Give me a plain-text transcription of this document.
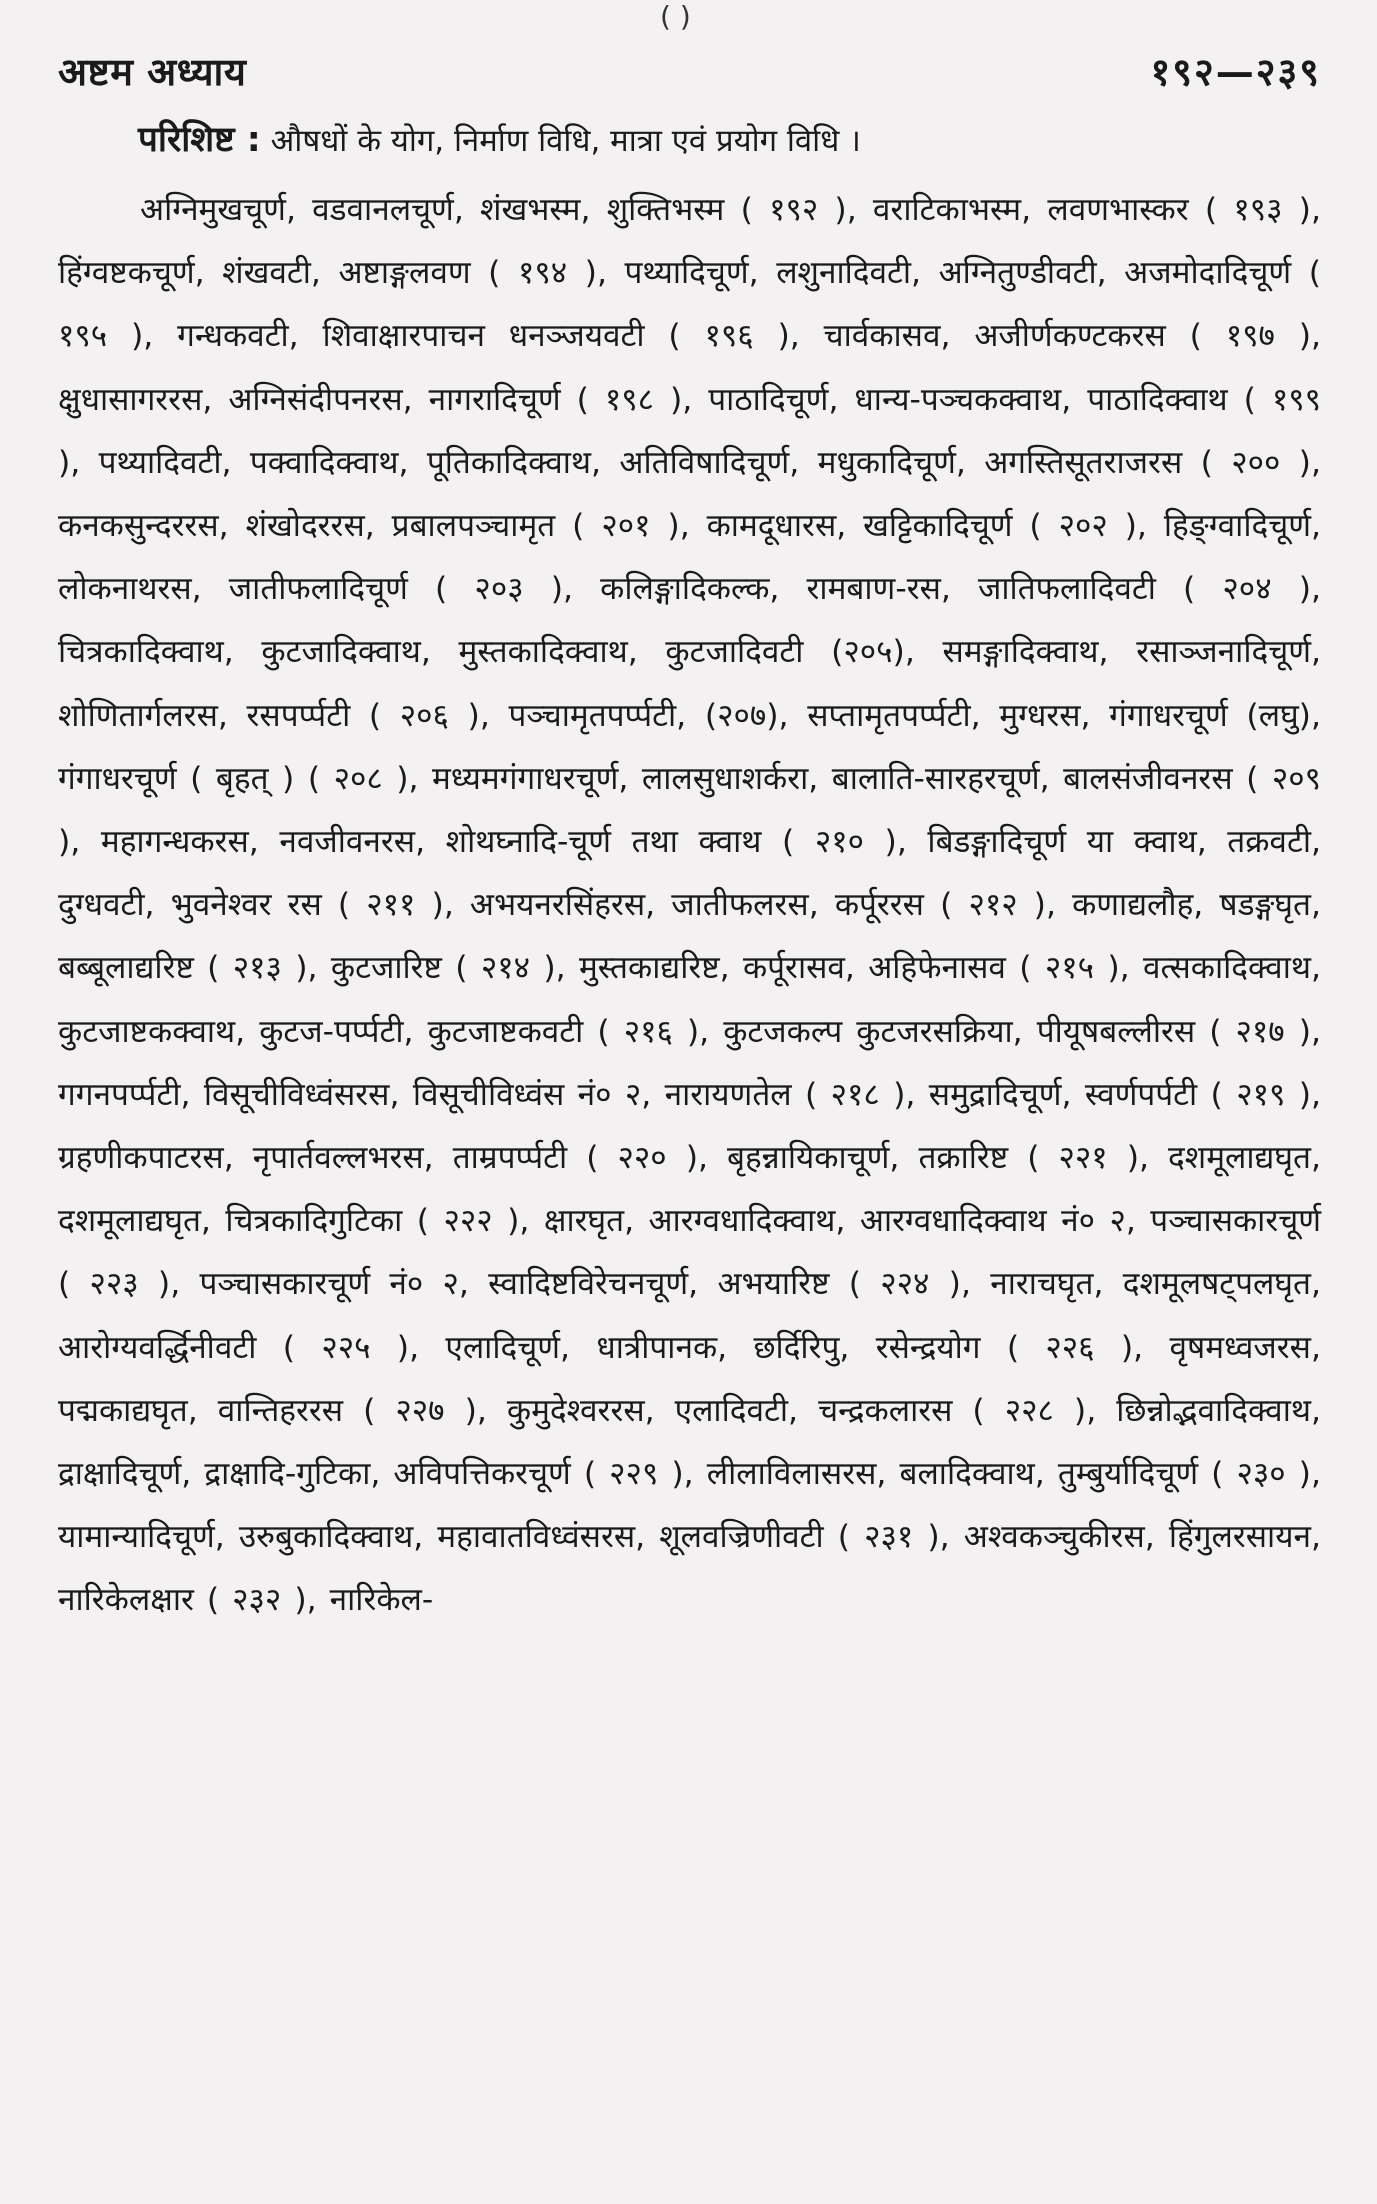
( )
अष्टम अध्याय	१९२—२३९

परिशिष्ट : औषधों के योग, निर्माण विधि, मात्रा एवं प्रयोग विधि ।

अग्निमुखचूर्ण, वडवानलचूर्ण, शंखभस्म, शुक्तिभस्म ( १९२ ), वराटिकाभस्म, लवणभास्कर ( १९३ ), हिंग्वष्टकचूर्ण, शंखवटी, अष्टाङ्गलवण ( १९४ ), पथ्यादिचूर्ण, लशुनादिवटी, अग्नितुण्डीवटी, अजमोदादिचूर्ण ( १९५ ), गन्धकवटी, शिवाक्षारपाचन धनञ्जयवटी ( १९६ ), चार्वकासव, अजीर्णकण्टकरस ( १९७ ), क्षुधासागररस, अग्निसंदीपनरस, नागरादिचूर्ण ( १९८ ), पाठादिचूर्ण, धान्य-पञ्चकक्वाथ, पाठादिक्वाथ ( १९९ ), पथ्यादिवटी, पक्वादिक्वाथ, पूतिकादिक्वाथ, अतिविषादिचूर्ण, मधुकादिचूर्ण, अगस्तिसूतराजरस ( २०० ), कनकसुन्दररस, शंखोदररस, प्रबालपञ्चामृत ( २०१ ), कामदूधारस, खट्टिकादिचूर्ण ( २०२ ), हिङ्ग्वादिचूर्ण, लोकनाथरस, जातीफलादिचूर्ण ( २०३ ), कलिङ्गादिकल्क, रामबाण-रस, जातिफलादिवटी ( २०४ ), चित्रकादिक्वाथ, कुटजादिक्वाथ, मुस्तकादिक्वाथ, कुटजादिवटी (२०५), समङ्गादिक्वाथ, रसाञ्जनादिचूर्ण, शोणितार्गलरस, रसपर्प्पटी ( २०६ ), पञ्चामृतपर्प्पटी, (२०७), सप्तामृतपर्प्पटी, मुग्धरस, गंगाधरचूर्ण (लघु), गंगाधरचूर्ण ( बृहत् ) ( २०८ ), मध्यमगंगाधरचूर्ण, लालसुधाशर्करा, बालाति-सारहरचूर्ण, बालसंजीवनरस ( २०९ ), महागन्धकरस, नवजीवनरस, शोथघ्नादि-चूर्ण तथा क्वाथ ( २१० ), बिडङ्गादिचूर्ण या क्वाथ, तक्रवटी, दुग्धवटी, भुवनेश्वर रस ( २११ ), अभयनरसिंहरस, जातीफलरस, कर्पूररस ( २१२ ), कणाद्यलौह, षडङ्गघृत, बब्बूलाद्यरिष्ट ( २१३ ), कुटजारिष्ट ( २१४ ), मुस्तकाद्यरिष्ट, कर्पूरासव, अहिफेनासव ( २१५ ), वत्सकादिक्वाथ, कुटजाष्टकक्वाथ, कुटज-पर्प्पटी, कुटजाष्टकवटी ( २१६ ), कुटजकल्प कुटजरसक्रिया, पीयूषबल्लीरस ( २१७ ), गगनपर्प्पटी, विसूचीविध्वंसरस, विसूचीविध्वंस नं० २, नारायणतेल ( २१८ ), समुद्रादिचूर्ण, स्वर्णपर्पटी ( २१९ ), ग्रहणीकपाटरस, नृपार्तवल्लभरस, ताम्रपर्प्पटी ( २२० ), बृहन्नायिकाचूर्ण, तक्रारिष्ट ( २२१ ), दशमूलाद्यघृत, दशमूलाद्यघृत, चित्रकादिगुटिका ( २२२ ), क्षारघृत, आरग्वधादिक्वाथ, आरग्वधादिक्वाथ नं० २, पञ्चासकारचूर्ण ( २२३ ), पञ्चासकारचूर्ण नं० २, स्वादिष्टविरेचनचूर्ण, अभयारिष्ट ( २२४ ), नाराचघृत, दशमूलषट्पलघृत, आरोग्यवर्द्धिनीवटी ( २२५ ), एलादिचूर्ण, धात्रीपानक, छर्दिरिपु, रसेन्द्रयोग ( २२६ ), वृषमध्वजरस, पद्मकाद्यघृत, वान्तिहररस ( २२७ ), कुमुदेश्वररस, एलादिवटी, चन्द्रकलारस ( २२८ ), छिन्नोद्भवादिक्वाथ, द्राक्षादिचूर्ण, द्राक्षादि-गुटिका, अविपत्तिकरचूर्ण ( २२९ ), लीलाविलासरस, बलादिक्वाथ, तुम्बुर्यादिचूर्ण ( २३० ), यामान्यादिचूर्ण, उरुबुकादिक्वाथ, महावातविध्वंसरस, शूलवज्रिणीवटी ( २३१ ), अश्वकञ्चुकीरस, हिंगुलरसायन, नारिकेलक्षार ( २३२ ), नारिकेल-
